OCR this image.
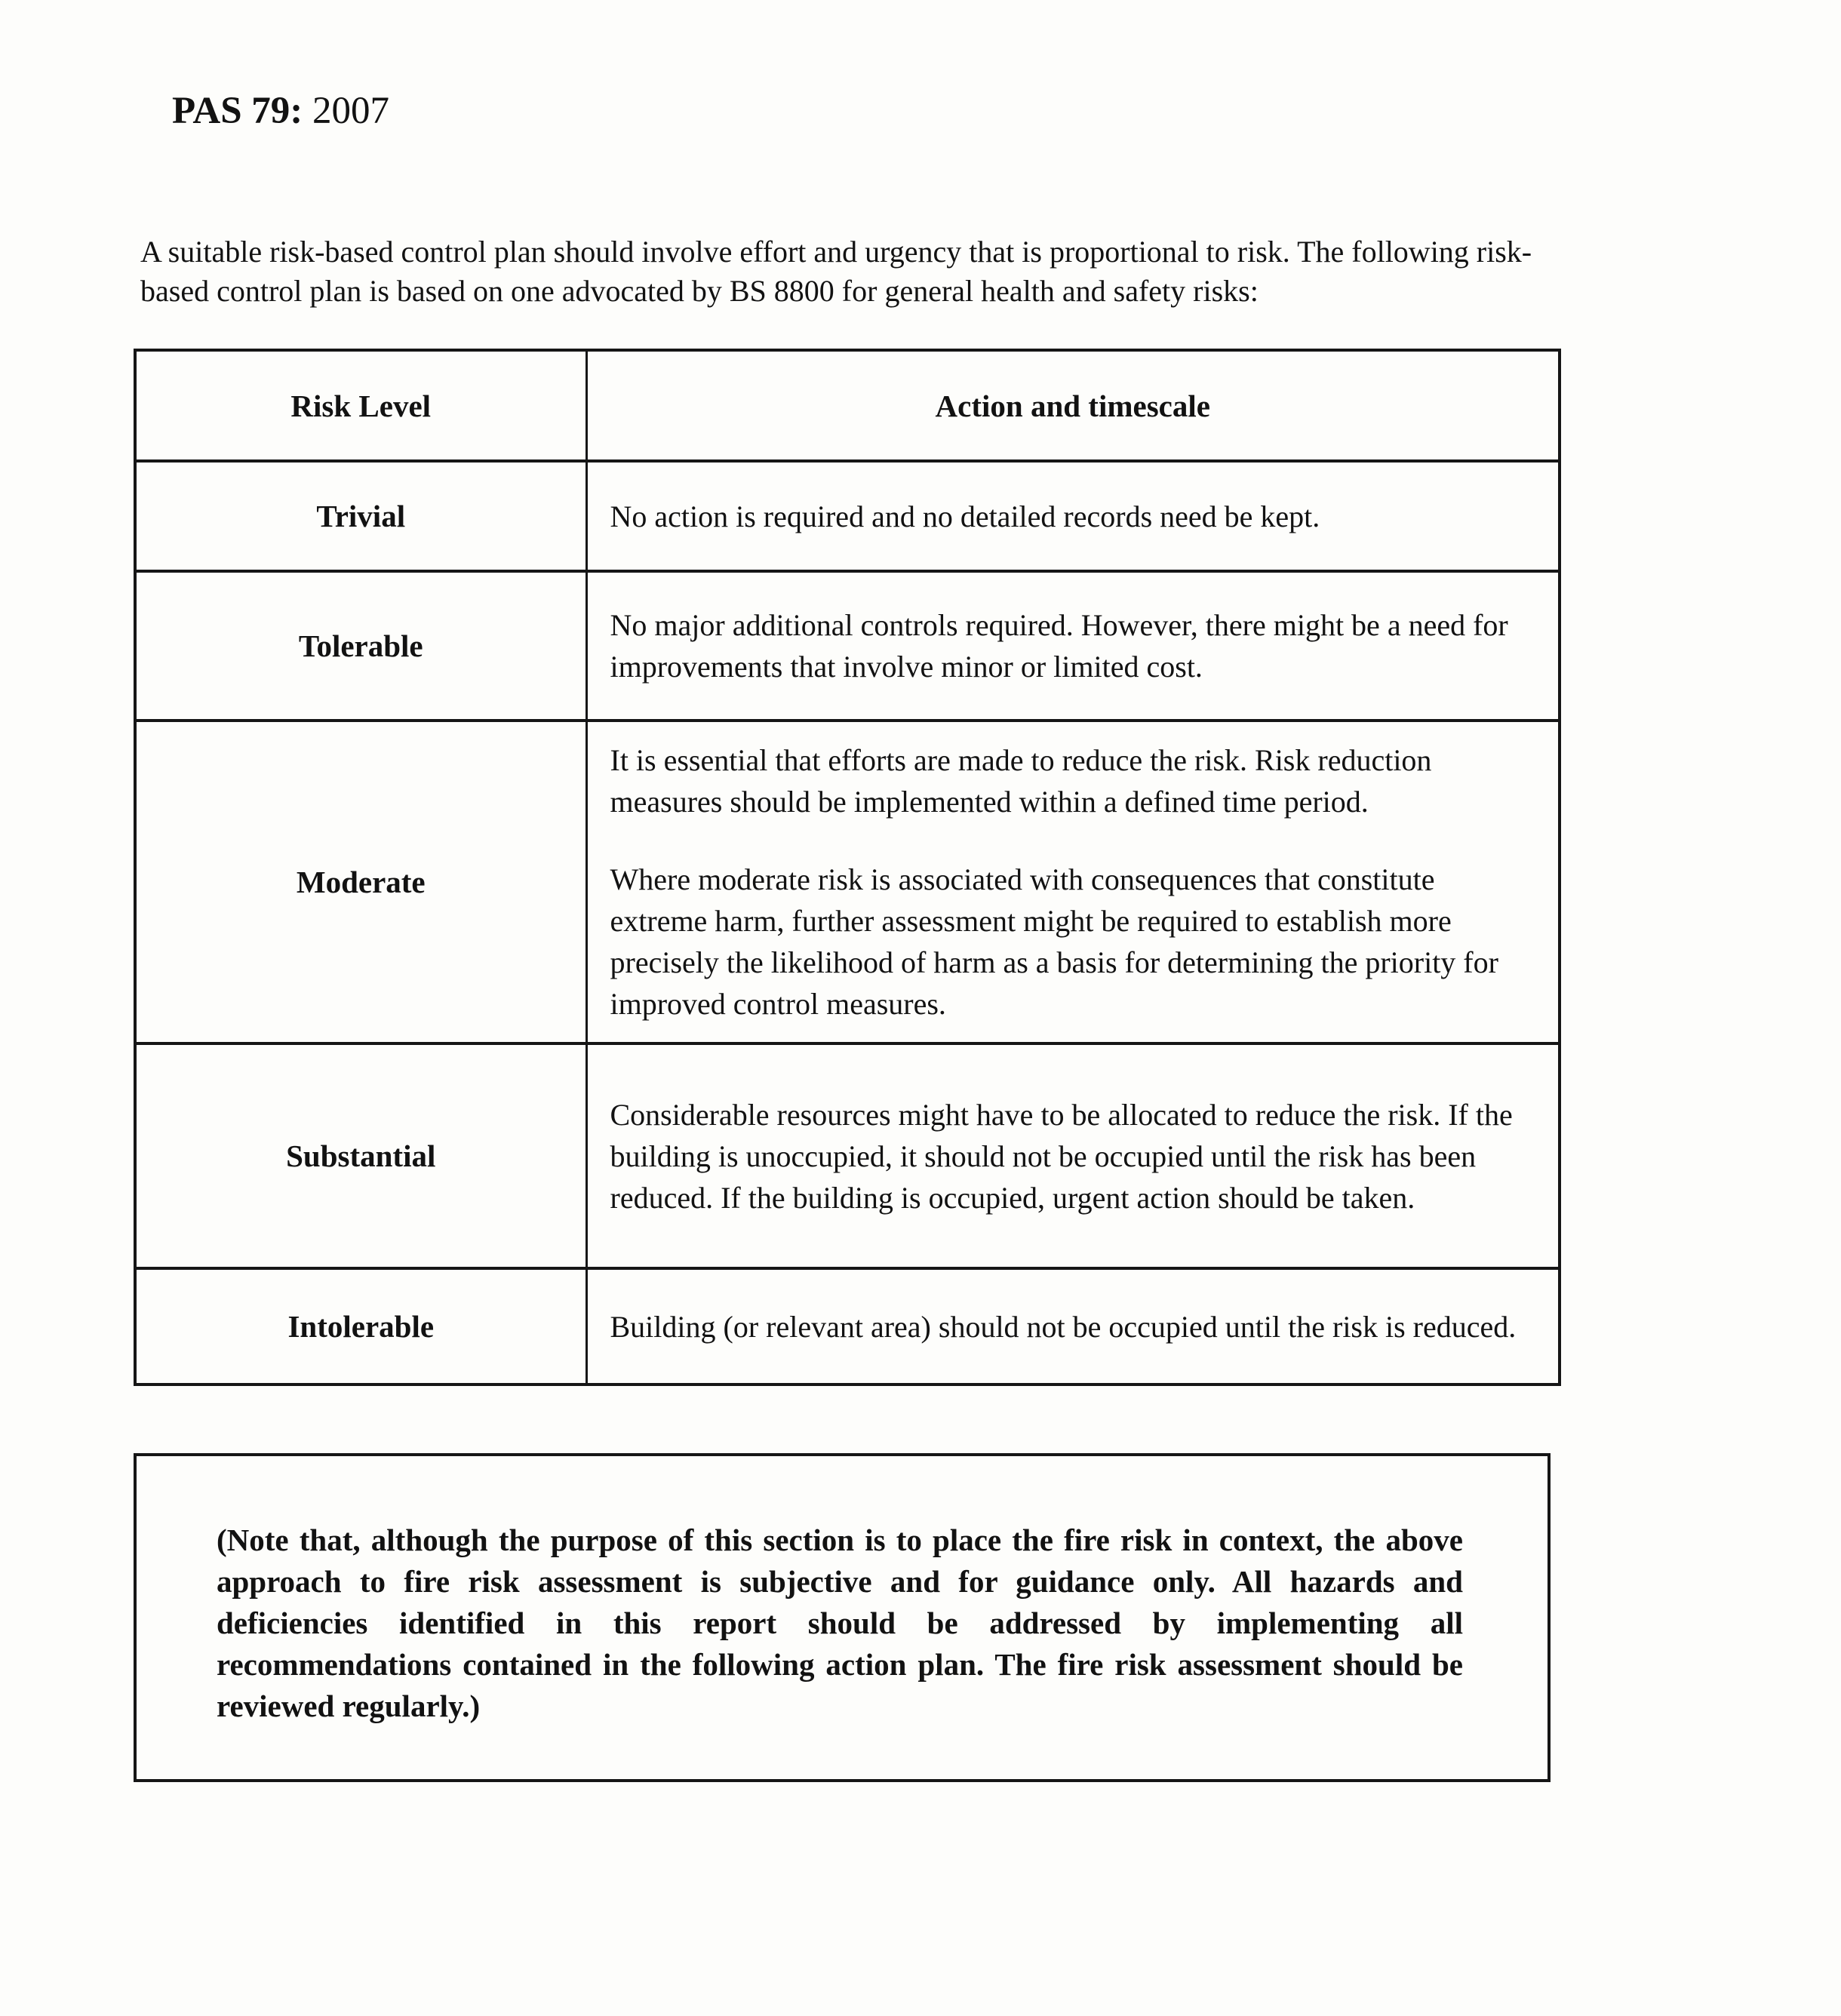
PAS 79: 2007

A suitable risk-based control plan should involve effort and urgency that is proportional to risk. The following risk-based control plan is based on one advocated by BS 8800 for general health and safety risks:

Risk Level	Action and timescale
Trivial	No action is required and no detailed records need be kept.

Tolerable	No major additional controls required. However, there might be a need for improvements that involve minor or limited cost.

Moderate	It is essential that efforts are made to reduce the risk. Risk reduction measures should be implemented within a defined time period.

Where moderate risk is associated with consequences that constitute extreme harm, further assessment might be required to establish more precisely the likelihood of harm as a basis for determining the priority for improved control measures.

Substantial	Considerable resources might have to be allocated to reduce the risk. If the building is unoccupied, it should not be occupied until the risk has been reduced. If the building is occupied, urgent action should be taken.

Intolerable	Building (or relevant area) should not be occupied until the risk is reduced.

(Note that, although the purpose of this section is to place the fire risk in context, the above approach to fire risk assessment is subjective and for guidance only. All hazards and deficiencies identified in this report should be addressed by implementing all recommendations contained in the following action plan. The fire risk assessment should be reviewed regularly.)
